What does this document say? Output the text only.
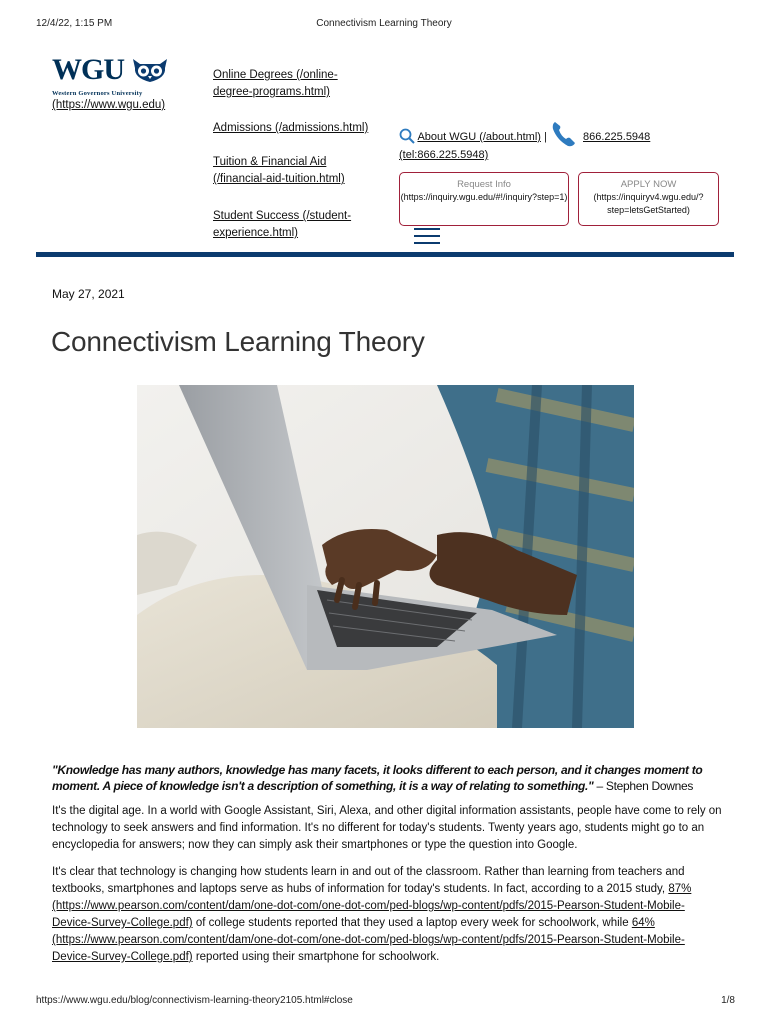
12/4/22, 1:15 PM	Connectivism Learning Theory
WGU
Western Governors University
(https://www.wgu.edu)
Online Degrees (/online-degree-programs.html)
Admissions (/admissions.html)
Tuition & Financial Aid (/financial-aid-tuition.html)
Student Success (/student-experience.html)
About WGU (/about.html) |	866.225.5948
(tel:866.225.5948)
Request Info
(https://inquiry.wgu.edu/#!/inquiry?step=1)
APPLY NOW
(https://inquiryv4.wgu.edu/?step=letsGetStarted)
May 27, 2021
Connectivism Learning Theory
"Knowledge has many authors, knowledge has many facets, it looks different to each person, and it changes moment to moment. A piece of knowledge isn't a description of something, it is a way of relating to something." – Stephen Downes

It's the digital age. In a world with Google Assistant, Siri, Alexa, and other digital information assistants, people have come to rely on technology to seek answers and find information. It's no different for today's students. Twenty years ago, students might go to an encyclopedia for answers; now they can simply ask their smartphones or type the question into Google.

It's clear that technology is changing how students learn in and out of the classroom. Rather than learning from teachers and textbooks, smartphones and laptops serve as hubs of information for today's students. In fact, according to a 2015 study, 87% (https://www.pearson.com/content/dam/one-dot-com/one-dot-com/ped-blogs/wp-content/pdfs/2015-Pearson-Student-Mobile-Device-Survey-College.pdf) of college students reported that they used a laptop every week for schoolwork, while 64% (https://www.pearson.com/content/dam/one-dot-com/one-dot-com/ped-blogs/wp-content/pdfs/2015-Pearson-Student-Mobile-Device-Survey-College.pdf) reported using their smartphone for schoolwork.

https://www.wgu.edu/blog/connectivism-learning-theory2105.html#close	1/8
